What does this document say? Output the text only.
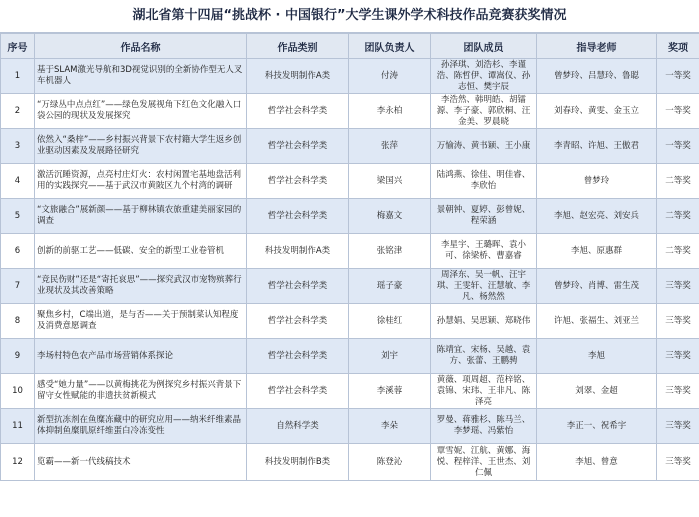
湖北省第十四届“挑战杯 · 中国银行”大学生课外学术科技作品竞赛获奖情况
序号	作品名称	作品类别	团队负责人	团队成员	指导老师	奖项
1	基于SLAM激光导航和3D视觉识别的全新协作型无人叉车机器人	科技发明制作A类	付涛	孙泽琪、刘浩杉、李谨浩、陈哲伊、谭嵩仪、孙志恒、樊宇辰	曾梦玲、吕慧玲、鲁聪	一等奖
2	“万绿丛中点点红”——绿色发展视角下红色文化融入口袋公园的现状及发展探究	哲学社会科学类	李永柏	李浩然、韩明皓、胡镭源、李子豪、郭欣桐、汪金美、罗晨晓	刘春玲、黄雯、金玉立	一等奖
3	依然入“桑梓”——乡村振兴背景下农村籍大学生返乡创业驱动因素及发展路径研究	哲学社会科学类	张萍	万愉涛、黄书颖、王小康	李青昭、许旭、王傲君	一等奖
4	激活沉睡资源，点亮村庄灯火：农村闲置宅基地盘活利用的实践探究——基于武汉市黄陂区九个村湾的调研	哲学社会科学类	梁国兴	陆鸿燕、徐佳、明佳睿、李欣怡	曾梦玲	二等奖
5	“文旅融合”展新颜——基于柳林镇农旅重建美丽家园的调查	哲学社会科学类	梅嘉文	景朝钟、夏婷、彭曾妮、程荣涵	李旭、赵宏亮、刘安兵	二等奖
6	创新的前驱工艺——低碳、安全的新型工业卷管机	科技发明制作A类	张铭津	李星宇、王璐晖、袁小可、徐梁桥、曹嘉睿	李旭、原惠群	二等奖
7	“竞民伤财”还是“寄托哀思”——探究武汉市宠物殡葬行业现状及其改善策略	哲学社会科学类	瑶子豪	周泽东、吴一帆、汪宇琪、王雯轩、汪慧敏、李凡、杨然然	曾梦玲、肖博、雷生茂	三等奖
8	聚焦乡村，C端出道，是与否——关于预制菜认知程度及消费意愿调查	哲学社会科学类	徐桂红	孙慧娟、吴思颖、郑晓伟	许旭、张福生、刘亚兰	三等奖
9	李场村特色农产品市场营销体系探论	哲学社会科学类	刘宇	陈靖宜、宋杨、吴越、袁方、张蕾、王鹏骋	李旭	三等奖
10	感受“她力量”——以黄梅挑花为例探究乡村振兴背景下留守女性赋能的非遗扶贫新模式	哲学社会科学类	李溪蓉	黄薇、项周超、范梓铭、袁锦、宋玮、王非凡、陈泽亮	刘翠、金超	三等奖
11	新型抗冻剂在鱼糜冻藏中的研究应用——纳米纤维素晶体抑制鱼糜肌原纤维蛋白冷冻变性	自然科学类	李朵	罗曼、蒋雅杉、陈马兰、李梦瑶、冯紫怡	李正一、祝希宇	三等奖
12	览霸——新一代线稿技术	科技发明制作B类	陈登沁	覃雪妮、江航、黄娜、海悦、程梓洋、王世杰、刘仁佩	李旭、曾意	三等奖
